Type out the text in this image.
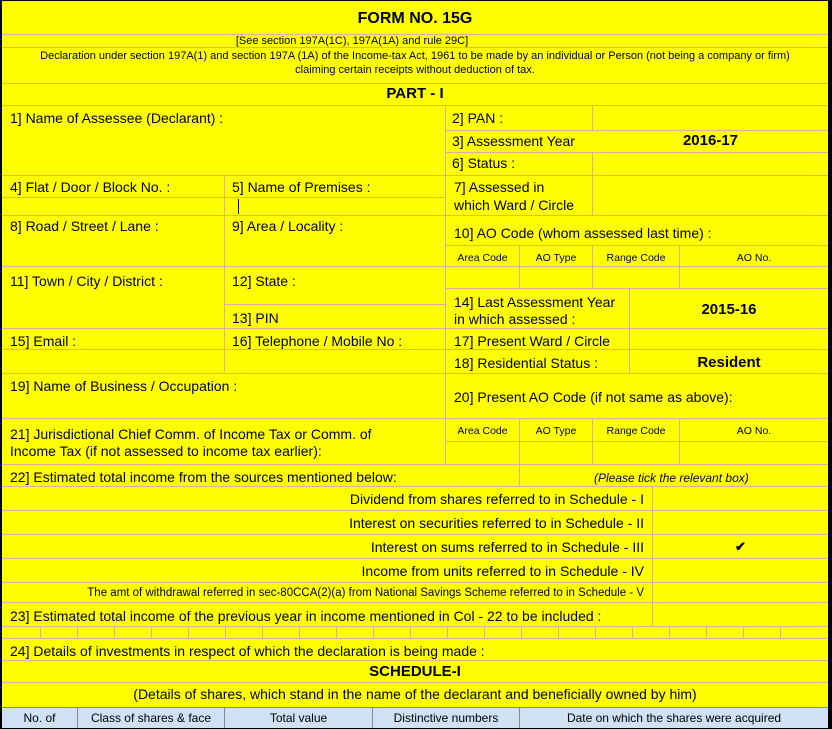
FORM NO. 15G
[See section 197A(1C), 197A(1A) and rule 29C]
Declaration under section 197A(1) and section 197A (1A) of the Income-tax Act, 1961 to be made by an individual or Person (not being a company or firm)
claiming certain receipts without deduction of tax.
PART - I
1] Name of Assessee (Declarant) :	2] PAN :
3] Assessment Year	2016-17
6] Status :
4] Flat / Door / Block No. :	5] Name of Premises :	7] Assessed in
which Ward / Circle
8] Road / Street / Lane :	9] Area / Locality :	10] AO Code (whom assessed last time) :
Area Code	AO Type	Range Code	AO No.
11] Town / City / District :	12] State :
13] PIN
14] Last Assessment Year
in which assessed :
2015-16
15] Email :	16] Telephone / Mobile No :	17] Present Ward / Circle
18] Residential Status :	Resident
19] Name of Business / Occupation :
20] Present AO Code (if not same as above):
21] Jurisdictional Chief Comm. of Income Tax or Comm. of
Income Tax (if not assessed to income tax earlier):
Area Code	AO Type	Range Code	AO No.
22] Estimated total income from the sources mentioned below:	(Please tick the relevant box)
Dividend from shares referred to in Schedule - I
Interest on securities referred to in Schedule - II
Interest on sums referred to in Schedule - III	✔
Income from units referred to in Schedule - IV
The amt of withdrawal referred in sec-80CCA(2)(a) from National Savings Scheme referred to in Schedule - V
23] Estimated total income of the previous year in income mentioned in Col - 22 to be included :
24] Details of investments in respect of which the declaration is being made :
SCHEDULE-I
(Details of shares, which stand in the name of the declarant and beneficially owned by him)
No. of	Class of shares & face	Total value	Distinctive numbers	Date on which the shares were acquired
